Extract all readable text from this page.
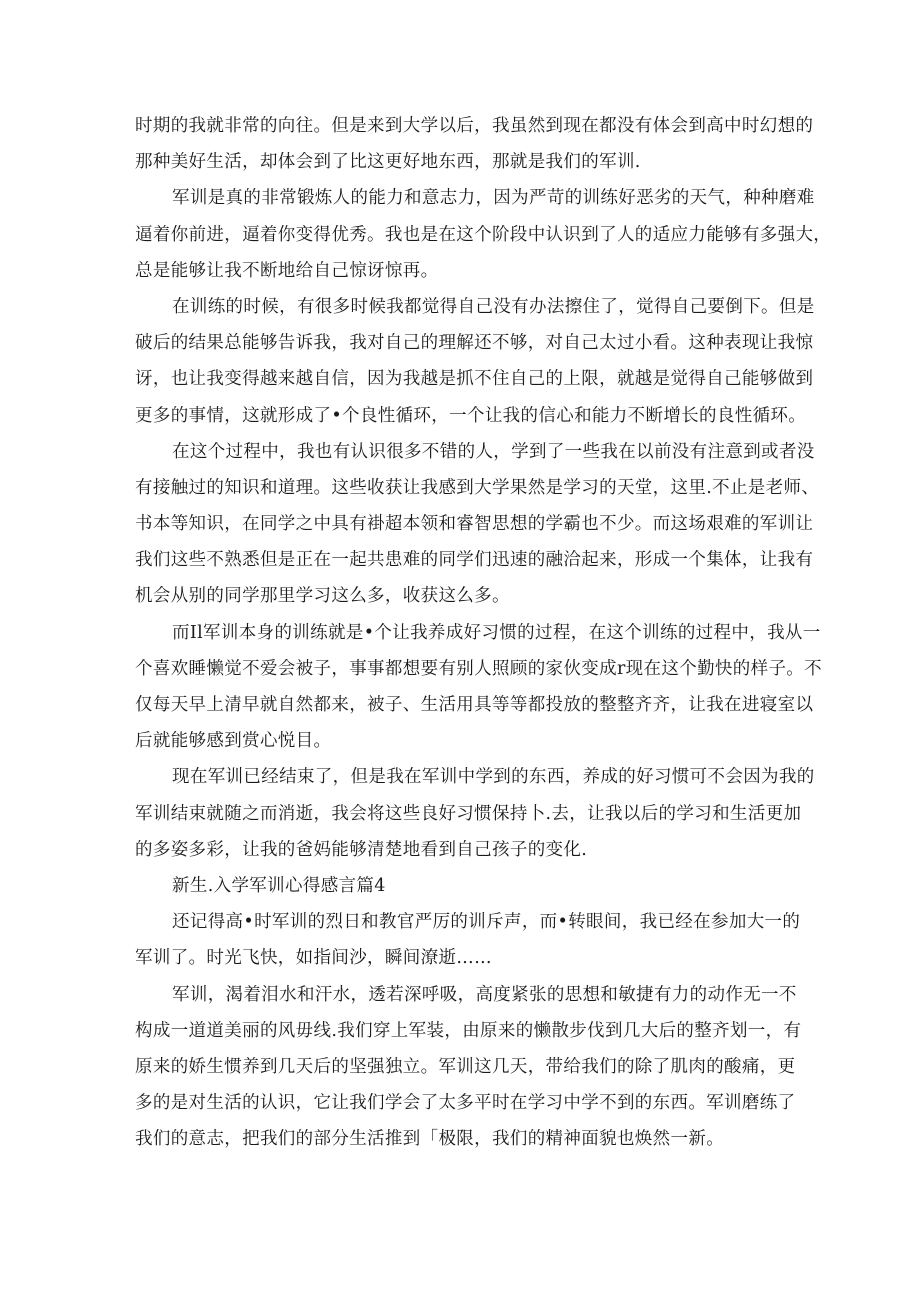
时期的我就非常的向往。但是来到大学以后，我虽然到现在都没有体会到高中时幻想的
那种美好生活，却体会到了比这更好地东西，那就是我们的军训.
军训是真的非常锻炼人的能力和意志力，因为严苛的训练好恶劣的天气，种种磨难
逼着你前进，逼着你变得优秀。我也是在这个阶段中认识到了人的适应力能够有多强大，
总是能够让我不断地给自己惊讶惊再。
在训练的时候，有很多时候我都觉得自己没有办法擦住了，觉得自己要倒下。但是
破后的结果总能够告诉我，我对自己的理解还不够，对自己太过小看。这种表现让我惊
讶，也让我变得越来越自信，因为我越是抓不住自己的上限，就越是觉得自己能够做到
更多的事情，这就形成了•个良性循环，一个让我的信心和能力不断增长的良性循环。
在这个过程中，我也有认识很多不错的人，学到了一些我在以前没有注意到或者没
有接触过的知识和道理。这些收获让我感到大学果然是学习的天堂，这里.不止是老师、
书本等知识，在同学之中具有褂超本领和睿智思想的学霸也不少。而这场艰难的军训让
我们这些不熟悉但是正在一起共患难的同学们迅速的融洽起来，形成一个集体，让我有
机会从别的同学那里学习这么多，收获这么多。
而Il军训本身的训练就是•个让我养成好习惯的过程，在这个训练的过程中，我从一
个喜欢睡懒觉不爱会被子，事事都想要有别人照顾的家伙变成r现在这个勤快的样子。不
仅每天早上清早就自然都来，被子、生活用具等等都投放的整整齐齐，让我在进寝室以
后就能够感到赏心悦目。
现在军训已经结束了，但是我在军训中学到的东西，养成的好习惯可不会因为我的
军训结束就随之而消逝，我会将这些良好习惯保持卜.去，让我以后的学习和生活更加
的多姿多彩，让我的爸妈能够清楚地看到自己孩子的变化.
新生.入学军训心得感言篇4
还记得高•时军训的烈日和教官严厉的训斥声，而•转眼间，我已经在参加大一的
军训了。时光飞快，如指间沙，瞬间潦逝……
军训，渴着泪水和汗水，透若深呼吸，高度紧张的思想和敏捷有力的动作无一不
构成一道道美丽的风毋线.我们穿上军装，由原来的懒散步伐到几大后的整齐划一，有
原来的娇生惯养到几天后的坚强独立。军训这几天，带给我们的除了肌肉的酸痛，更
多的是对生活的认识，它让我们学会了太多平时在学习中学不到的东西。军训磨练了
我们的意志，把我们的部分生活推到「极限，我们的精神面貌也焕然一新。
